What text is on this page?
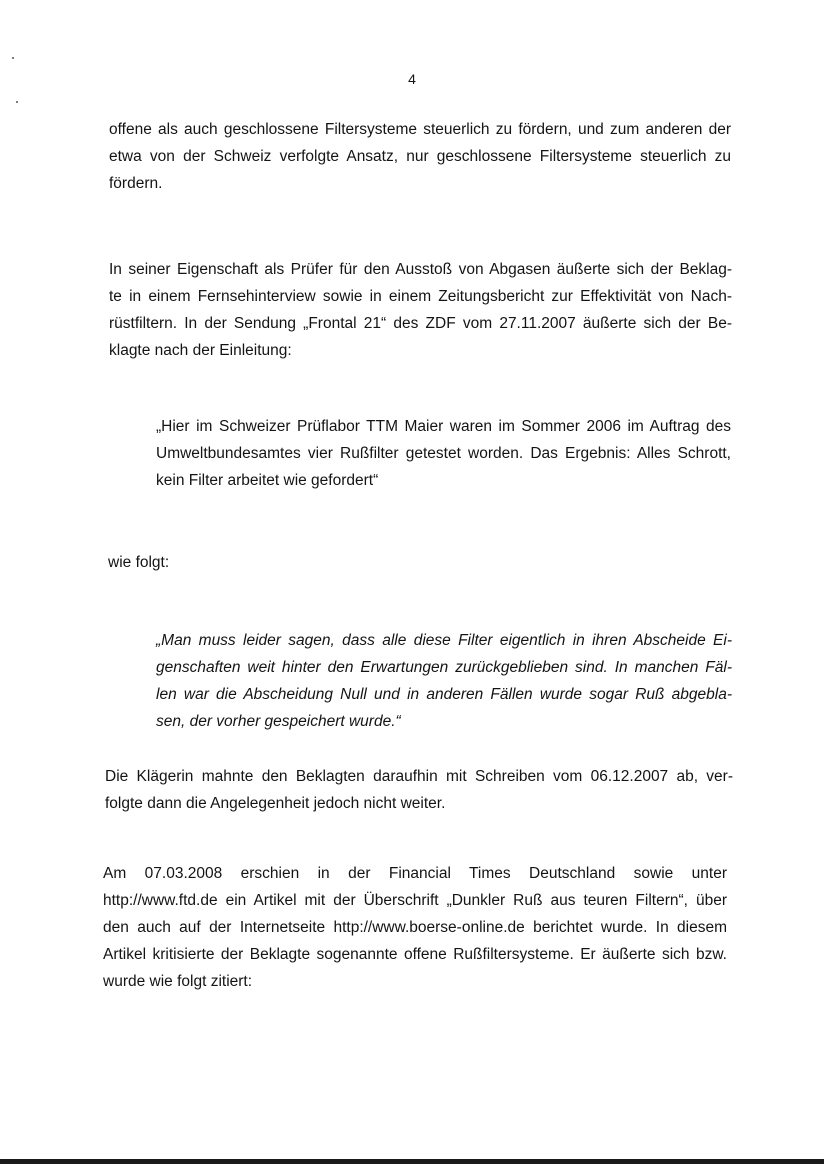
4
offene als auch geschlossene Filtersysteme steuerlich zu fördern, und zum anderen der
etwa von der Schweiz verfolgte Ansatz, nur geschlossene Filtersysteme steuerlich zu
fördern.
In seiner Eigenschaft als Prüfer für den Ausstoß von Abgasen äußerte sich der Beklag-
te in einem Fernsehinterview sowie in einem Zeitungsbericht zur Effektivität von Nach-
rüstfiltern. In der Sendung „Frontal 21“ des ZDF vom 27.11.2007 äußerte sich der Be-
klagte nach der Einleitung:
„Hier im Schweizer Prüflabor TTM Maier waren im Sommer 2006 im Auftrag des
Umweltbundesamtes vier Rußfilter getestet worden. Das Ergebnis: Alles Schrott,
kein Filter arbeitet wie gefordert“
wie folgt:
„Man muss leider sagen, dass alle diese Filter eigentlich in ihren Abscheide Ei-
genschaften weit hinter den Erwartungen zurückgeblieben sind. In manchen Fäl-
len war die Abscheidung Null und in anderen Fällen wurde sogar Ruß abgebla-
sen, der vorher gespeichert wurde.“
Die Klägerin mahnte den Beklagten daraufhin mit Schreiben vom 06.12.2007 ab, ver-
folgte dann die Angelegenheit jedoch nicht weiter.
Am 07.03.2008 erschien in der Financial Times Deutschland sowie unter
http://www.ftd.de ein Artikel mit der Überschrift „Dunkler Ruß aus teuren Filtern“, über
den auch auf der Internetseite http://www.boerse-online.de berichtet wurde. In diesem
Artikel kritisierte der Beklagte sogenannte offene Rußfiltersysteme. Er äußerte sich bzw.
wurde wie folgt zitiert:
